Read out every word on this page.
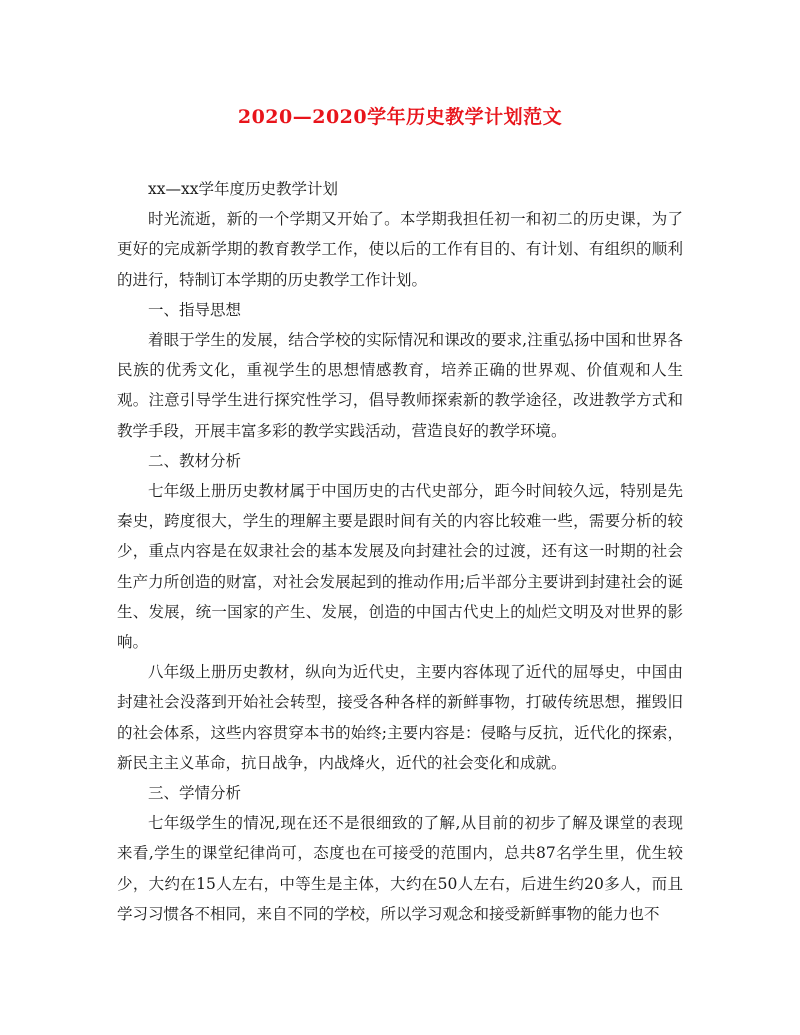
2020—2020学年历史教学计划范文

xx—xx学年度历史教学计划

时光流逝，新的一个学期又开始了。本学期我担任初一和初二的历史课，为了更好的完成新学期的教育教学工作，使以后的工作有目的、有计划、有组织的顺利的进行，特制订本学期的历史教学工作计划。

一、指导思想

着眼于学生的发展，结合学校的实际情况和课改的要求,注重弘扬中国和世界各民族的优秀文化，重视学生的思想情感教育，培养正确的世界观、价值观和人生观。注意引导学生进行探究性学习，倡导教师探索新的教学途径，改进教学方式和教学手段，开展丰富多彩的教学实践活动，营造良好的教学环境。

二、教材分析

七年级上册历史教材属于中国历史的古代史部分，距今时间较久远，特别是先秦史，跨度很大，学生的理解主要是跟时间有关的内容比较难一些，需要分析的较少，重点内容是在奴隶社会的基本发展及向封建社会的过渡，还有这一时期的社会生产力所创造的财富，对社会发展起到的推动作用;后半部分主要讲到封建社会的诞生、发展，统一国家的产生、发展，创造的中国古代史上的灿烂文明及对世界的影响。

八年级上册历史教材，纵向为近代史，主要内容体现了近代的屈辱史，中国由封建社会没落到开始社会转型，接受各种各样的新鲜事物，打破传统思想，摧毁旧的社会体系，这些内容贯穿本书的始终;主要内容是：侵略与反抗，近代化的探索，新民主主义革命，抗日战争，内战烽火，近代的社会变化和成就。

三、学情分析

七年级学生的情况,现在还不是很细致的了解,从目前的初步了解及课堂的表现来看,学生的课堂纪律尚可，态度也在可接受的范围内，总共87名学生里，优生较少，大约在15人左右，中等生是主体，大约在50人左右，后进生约20多人，而且学习习惯各不相同，来自不同的学校，所以学习观念和接受新鲜事物的能力也不
